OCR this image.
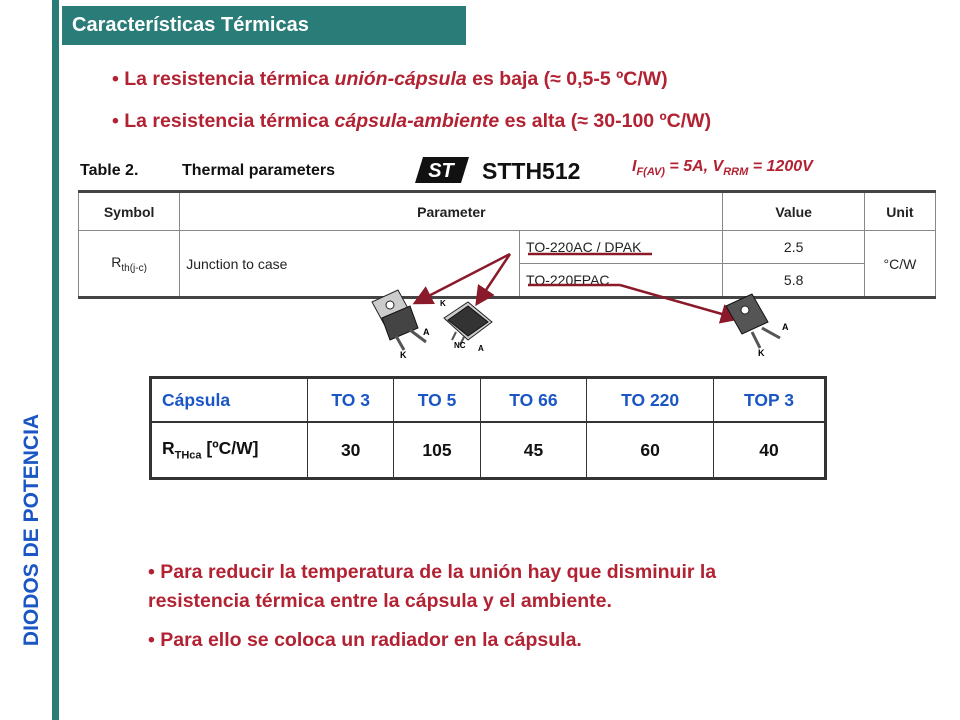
DIODOS DE POTENCIA
Características Térmicas
• La resistencia térmica unión-cápsula es baja (≈ 0,5-5 ºC/W)
• La resistencia térmica cápsula-ambiente es alta (≈ 30-100 ºC/W)
Table 2.	Thermal parameters	ST STTH512	$I_{F(AV)} = 5A$, $V_{RRM} = 1200V$
Symbol	Parameter		Value	Unit
$R_{th(j-c)}$	Junction to case	TO-220AC / DPAK	2.5	°C/W
		TO-220FPAC	5.8	
A
K
K
A
NC
A
K
Cápsula	TO 3	TO 5	TO 66	TO 220	TOP 3
$R_{THca}$ [ºC/W]	30	105	45	60	40
• Para reducir la temperatura de la unión hay que disminuir la
resistencia térmica entre la cápsula y el ambiente.
• Para ello se coloca un radiador en la cápsula.
